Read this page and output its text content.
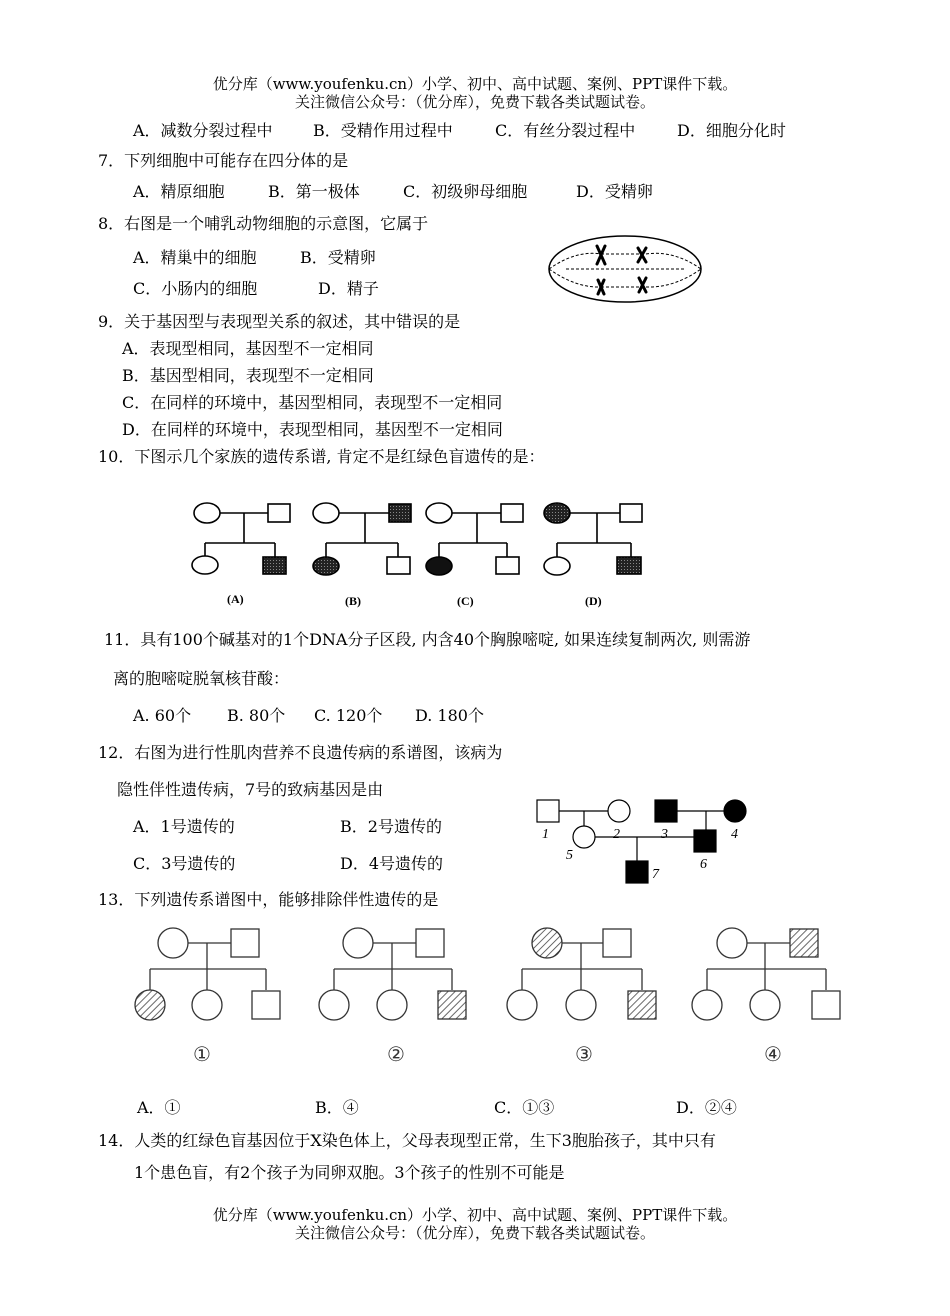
优分库（www.youfenku.cn）小学、初中、高中试题、案例、PPT课件下载。
关注微信公众号：（优分库），免费下载各类试题试卷。
A．减数分裂过程中	B．受精作用过程中	C．有丝分裂过程中	D．细胞分化时
7．下列细胞中可能存在四分体的是
A．精原细胞	B．第一极体	C．初级卵母细胞	D．受精卵
8．右图是一个哺乳动物细胞的示意图，它属于
A．精巢中的细胞	B．受精卵
C．小肠内的细胞	D．精子
9．关于基因型与表现型关系的叙述，其中错误的是
A．表现型相同，基因型不一定相同
B．基因型相同，表现型不一定相同
C．在同样的环境中，基因型相同，表现型不一定相同
D．在同样的环境中，表现型相同，基因型不一定相同
10．下图示几个家族的遗传系谱, 肯定不是红绿色盲遗传的是：
(A)	(B)	(C)	(D)
11．具有100个碱基对的1个DNA分子区段, 内含40个胸腺嘧啶, 如果连续复制两次, 则需游
离的胞嘧啶脱氧核苷酸：
A. 60个 B. 80个 C. 120个 D. 180个
12．右图为进行性肌肉营养不良遗传病的系谱图，该病为
隐性伴性遗传病，7号的致病基因是由
A．1号遗传的	B．2号遗传的
C．3号遗传的	D．4号遗传的
1	2	3	4
5
6
7
13．下列遗传系谱图中，能够排除伴性遗传的是
①	②	③	④
A．①	B．④	C．①③	D．②④
14．人类的红绿色盲基因位于X染色体上，父母表现型正常，生下3胞胎孩子，其中只有
1个患色盲，有2个孩子为同卵双胞。3个孩子的性别不可能是
优分库（www.youfenku.cn）小学、初中、高中试题、案例、PPT课件下载。
关注微信公众号：（优分库），免费下载各类试题试卷。
